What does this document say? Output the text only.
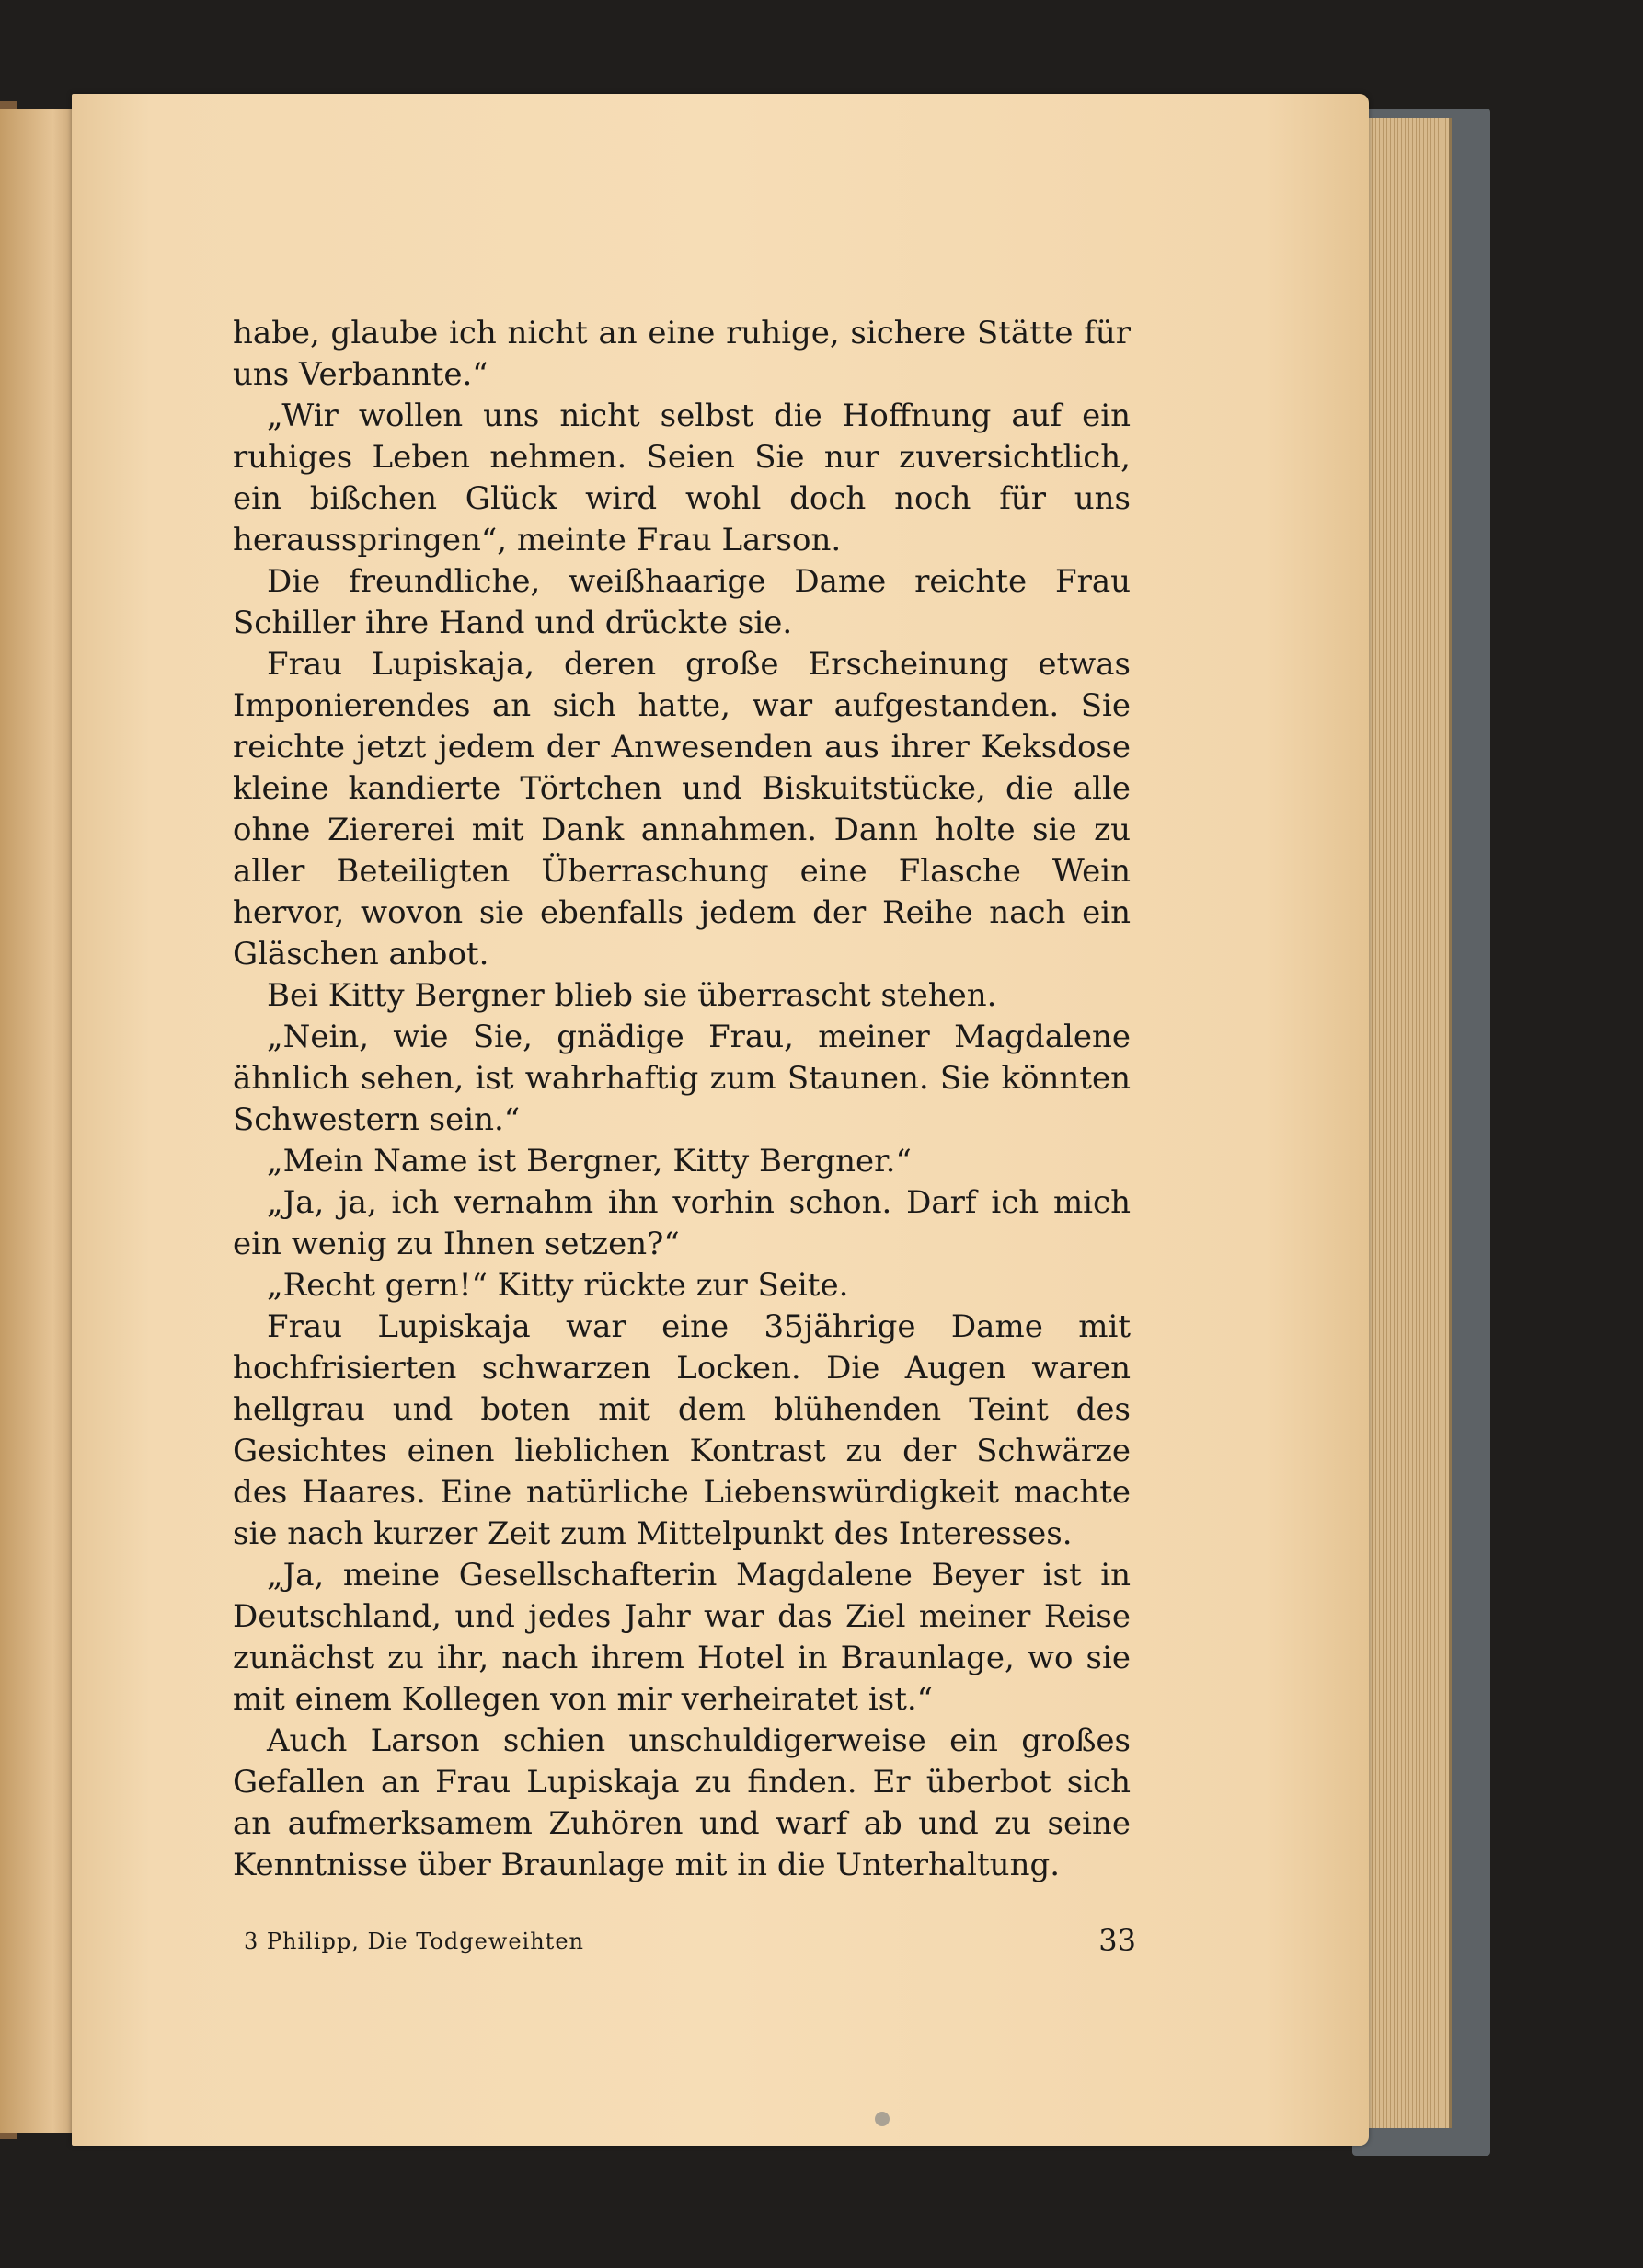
habe, glaube ich nicht an eine ruhige, sichere Stätte für uns Verbannte.“

„Wir wollen uns nicht selbst die Hoffnung auf ein ruhiges Leben nehmen. Seien Sie nur zuversichtlich, ein bißchen Glück wird wohl doch noch für uns herausspringen“, meinte Frau Larson.

Die freundliche, weißhaarige Dame reichte Frau Schiller ihre Hand und drückte sie.

Frau Lupiskaja, deren große Erscheinung etwas Imponierendes an sich hatte, war aufgestanden. Sie reichte jetzt jedem der Anwesenden aus ihrer Keksdose kleine kandierte Törtchen und Biskuitstücke, die alle ohne Ziererei mit Dank annahmen. Dann holte sie zu aller Beteiligten Überraschung eine Flasche Wein hervor, wovon sie ebenfalls jedem der Reihe nach ein Gläschen anbot.

Bei Kitty Bergner blieb sie überrascht stehen.

„Nein, wie Sie, gnädige Frau, meiner Magdalene ähnlich sehen, ist wahrhaftig zum Staunen. Sie könnten Schwestern sein.“

„Mein Name ist Bergner, Kitty Bergner.“

„Ja, ja, ich vernahm ihn vorhin schon. Darf ich mich ein wenig zu Ihnen setzen?“

„Recht gern!“ Kitty rückte zur Seite.

Frau Lupiskaja war eine 35jährige Dame mit hochfrisierten schwarzen Locken. Die Augen waren hellgrau und boten mit dem blühenden Teint des Gesichtes einen lieblichen Kontrast zu der Schwärze des Haares. Eine natürliche Liebenswürdigkeit machte sie nach kurzer Zeit zum Mittelpunkt des Interesses.

„Ja, meine Gesellschafterin Magdalene Beyer ist in Deutschland, und jedes Jahr war das Ziel meiner Reise zunächst zu ihr, nach ihrem Hotel in Braunlage, wo sie mit einem Kollegen von mir verheiratet ist.“

Auch Larson schien unschuldigerweise ein großes Gefallen an Frau Lupiskaja zu finden. Er überbot sich an aufmerksamem Zuhören und warf ab und zu seine Kenntnisse über Braunlage mit in die Unterhaltung.

3 Philipp, Die Todgeweihten	33
